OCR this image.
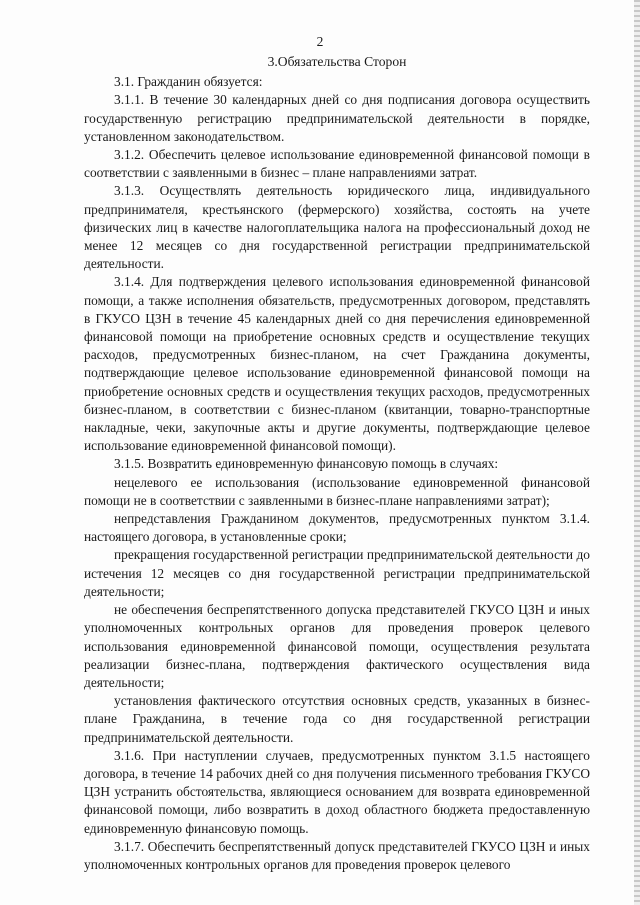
2
3.Обязательства Сторон

3.1. Гражданин обязуется:

3.1.1. В течение 30 календарных дней со дня подписания договора осуществить государственную регистрацию предпринимательской деятельности в порядке, установленном законодательством.

3.1.2. Обеспечить целевое использование единовременной финансовой помощи в соответствии с заявленными в бизнес – плане направлениями затрат.

3.1.3. Осуществлять деятельность юридического лица, индивидуального предпринимателя, крестьянского (фермерского) хозяйства, состоять на учете физических лиц в качестве налогоплательщика налога на профессиональный доход не менее 12 месяцев со дня государственной регистрации предпринимательской деятельности.

3.1.4. Для подтверждения целевого использования единовременной финансовой помощи, а также исполнения обязательств, предусмотренных договором, представлять в ГКУСО ЦЗН в течение 45 календарных дней со дня перечисления единовременной финансовой помощи на приобретение основных средств и осуществление текущих расходов, предусмотренных бизнес-планом, на счет Гражданина документы, подтверждающие целевое использование единовременной финансовой помощи на приобретение основных средств и осуществления текущих расходов, предусмотренных бизнес-планом, в соответствии с бизнес-планом (квитанции, товарно-транспортные накладные, чеки, закупочные акты и другие документы, подтверждающие целевое использование единовременной финансовой помощи).

3.1.5. Возвратить единовременную финансовую помощь в случаях:

нецелевого ее использования (использование единовременной финансовой помощи не в соответствии с заявленными в бизнес-плане направлениями затрат);

непредставления Гражданином документов, предусмотренных пунктом 3.1.4. настоящего договора, в установленные сроки;

прекращения государственной регистрации предпринимательской деятельности до истечения 12 месяцев со дня государственной регистрации предпринимательской деятельности;

не обеспечения беспрепятственного допуска представителей ГКУСО ЦЗН и иных уполномоченных контрольных органов для проведения проверок целевого использования единовременной финансовой помощи, осуществления результата реализации бизнес-плана, подтверждения фактического осуществления вида деятельности;

установления фактического отсутствия основных средств, указанных в бизнес-плане Гражданина, в течение года со дня государственной регистрации предпринимательской деятельности.

3.1.6. При наступлении случаев, предусмотренных пунктом 3.1.5 настоящего договора, в течение 14 рабочих дней со дня получения письменного требования ГКУСО ЦЗН устранить обстоятельства, являющиеся основанием для возврата единовременной финансовой помощи, либо возвратить в доход областного бюджета предоставленную единовременную финансовую помощь.

3.1.7. Обеспечить беспрепятственный допуск представителей ГКУСО ЦЗН и иных уполномоченных контрольных органов для проведения проверок целевого
